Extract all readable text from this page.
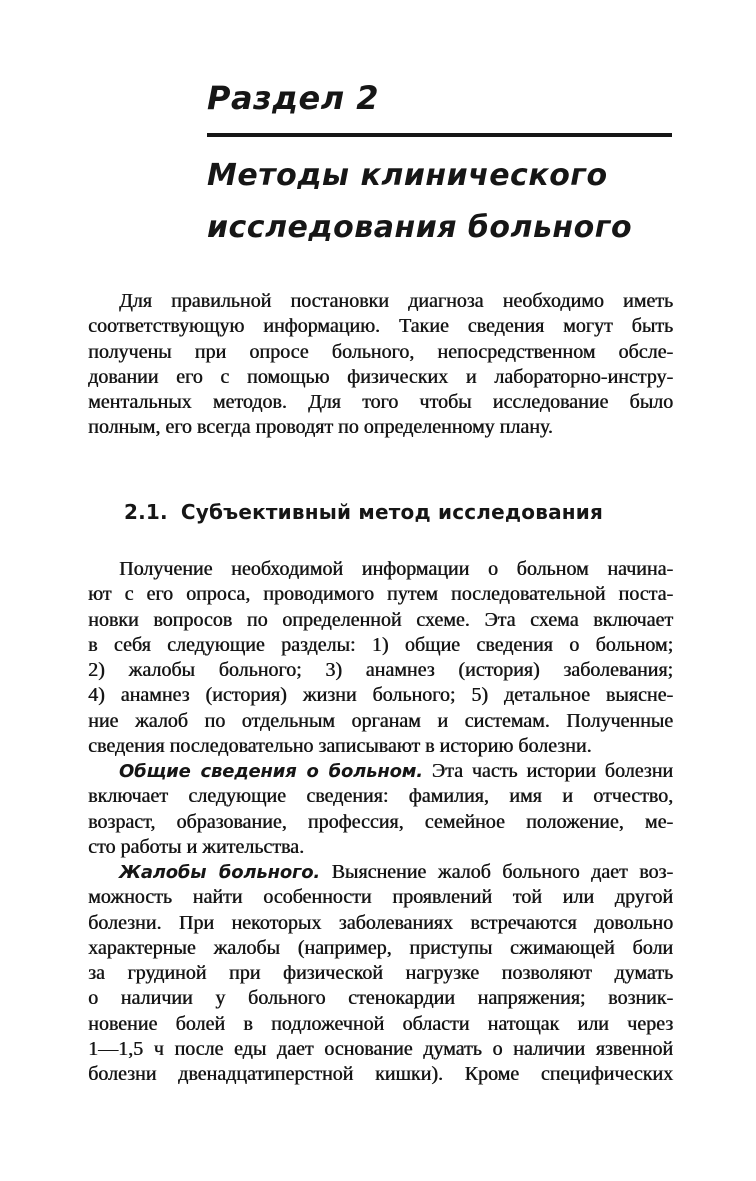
Раздел 2
Методы клинического
исследования больного
2.1. Субъективный метод исследования
Для правильной постановки диагноза необходимо иметь
соответствующую информацию. Такие сведения могут быть
получены при опросе больного, непосредственном обсле-
довании его с помощью физических и лабораторно-инстру-
ментальных методов. Для того чтобы исследование было
полным, его всегда проводят по определенному плану.
Получение необходимой информации о больном начина-
ют с его опроса, проводимого путем последовательной поста-
новки вопросов по определенной схеме. Эта схема включает
в себя следующие разделы: 1) общие сведения о больном;
2) жалобы больного; 3) анамнез (история) заболевания;
4) анамнез (история) жизни больного; 5) детальное выясне-
ние жалоб по отдельным органам и системам. Полученные
сведения последовательно записывают в историю болезни.
Общие сведения о больном. Эта часть истории болезни
включает следующие сведения: фамилия, имя и отчество,
возраст, образование, профессия, семейное положение, ме-
сто работы и жительства.
Жалобы больного. Выяснение жалоб больного дает воз-
можность найти особенности проявлений той или другой
болезни. При некоторых заболеваниях встречаются довольно
характерные жалобы (например, приступы сжимающей боли
за грудиной при физической нагрузке позволяют думать
о наличии у больного стенокардии напряжения; возник-
новение болей в подложечной области натощак или через
1—1,5 ч после еды дает основание думать о наличии язвенной
болезни двенадцатиперстной кишки). Кроме специфических
